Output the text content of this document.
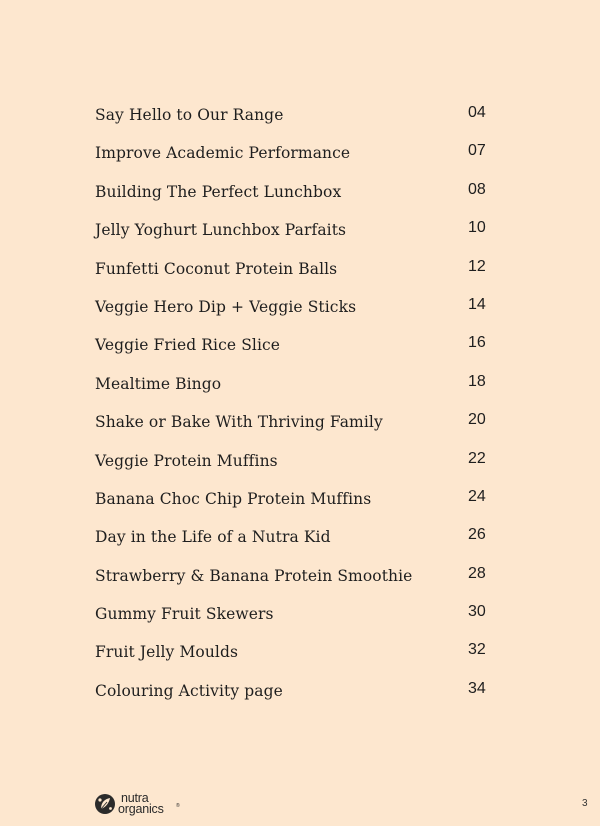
Say Hello to Our Range	04
Improve Academic Performance	07
Building The Perfect Lunchbox	08
Jelly Yoghurt Lunchbox Parfaits	10
Funfetti Coconut Protein Balls	12
Veggie Hero Dip + Veggie Sticks	14
Veggie Fried Rice Slice	16
Mealtime Bingo	18
Shake or Bake With Thriving Family	20
Veggie Protein Muffins	22
Banana Choc Chip Protein Muffins	24
Day in the Life of a Nutra Kid	26
Strawberry & Banana Protein Smoothie	28
Gummy Fruit Skewers	30
Fruit Jelly Moulds	32
Colouring Activity page	34
nutra
organics ®	3
